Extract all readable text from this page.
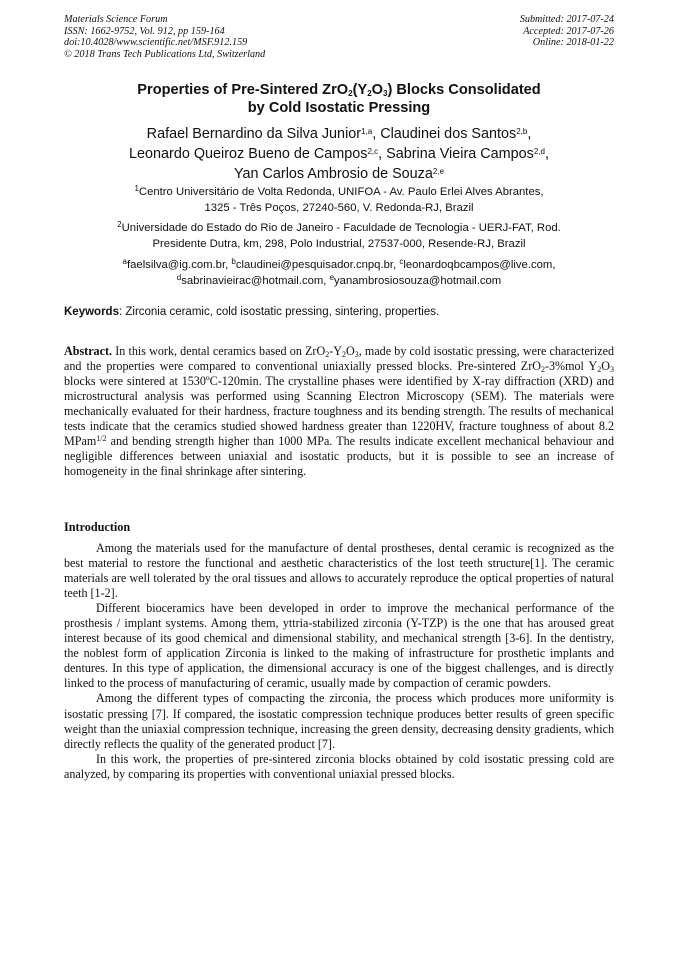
Materials Science Forum
ISSN: 1662-9752, Vol. 912, pp 159-164
doi:10.4028/www.scientific.net/MSF.912.159
© 2018 Trans Tech Publications Ltd, Switzerland
Submitted: 2017-07-24
Accepted: 2017-07-26
Online: 2018-01-22
Properties of Pre-Sintered $ZrO_2(Y_2O_3)$ Blocks Consolidated
by Cold Isostatic Pressing
Rafael Bernardino da Silva Junior$^{1,a}$, Claudinei dos Santos$^{2,b}$,
Leonardo Queiroz Bueno de Campos$^{2,c}$, Sabrina Vieira Campos$^{2,d}$,
Yan Carlos Ambrosio de Souza$^{2,e}$
$^1$Centro Universitário de Volta Redonda, UNIFOA - Av. Paulo Erlei Alves Abrantes,
1325 - Três Poços, 27240-560, V. Redonda-RJ, Brazil
$^2$Universidade do Estado do Rio de Janeiro - Faculdade de Tecnologia - UERJ-FAT, Rod.
Presidente Dutra, km, 298, Polo Industrial, 27537-000, Resende-RJ, Brazil
$^a$faelsilva@ig.com.br, $^b$claudinei@pesquisador.cnpq.br, $^c$leonardoqbcampos@live.com,
$^d$sabrinavieirac@hotmail.com, $^e$yanambrosiosouza@hotmail.com
Keywords: Zirconia ceramic, cold isostatic pressing, sintering, properties.

Abstract. In this work, dental ceramics based on $ZrO_2-Y_2O_3$, made by cold isostatic pressing, were characterized and the properties were compared to conventional uniaxially pressed blocks. Pre-sintered ZrO$_2$-3%mol $Y_2O_3$ blocks were sintered at 1530ºC-120min. The crystalline phases were identified by X-ray diffraction (XRD) and microstructural analysis was performed using Scanning Electron Microscopy (SEM). The materials were mechanically evaluated for their hardness, fracture toughness and its bending strength. The results of mechanical tests indicate that the ceramics studied showed hardness greater than 1220HV, fracture toughness of about 8.2 MPam$^{1/2}$ and bending strength higher than 1000 MPa. The results indicate excellent mechanical behaviour and negligible differences between uniaxial and isostatic products, but it is possible to see an increase of homogeneity in the final shrinkage after sintering.

Introduction

Among the materials used for the manufacture of dental prostheses, dental ceramic is recognized as the best material to restore the functional and aesthetic characteristics of the lost teeth structure[1]. The ceramic materials are well tolerated by the oral tissues and allows to accurately reproduce the optical properties of natural teeth [1-2].

Different bioceramics have been developed in order to improve the mechanical performance of the prosthesis / implant systems. Among them, yttria-stabilized zirconia (Y-TZP) is the one that has aroused great interest because of its good chemical and dimensional stability, and mechanical strength [3-6]. In the dentistry, the noblest form of application Zirconia is linked to the making of infrastructure for prosthetic implants and dentures. In this type of application, the dimensional accuracy is one of the biggest challenges, and is directly linked to the process of manufacturing of ceramic, usually made by compaction of ceramic powders.

Among the different types of compacting the zirconia, the process which produces more uniformity is isostatic pressing [7]. If compared, the isostatic compression technique produces better results of green specific weight than the uniaxial compression technique, increasing the green density, decreasing density gradients, which directly reflects the quality of the generated product [7].

In this work, the properties of pre-sintered zirconia blocks obtained by cold isostatic pressing cold are analyzed, by comparing its properties with conventional uniaxial pressed blocks.
